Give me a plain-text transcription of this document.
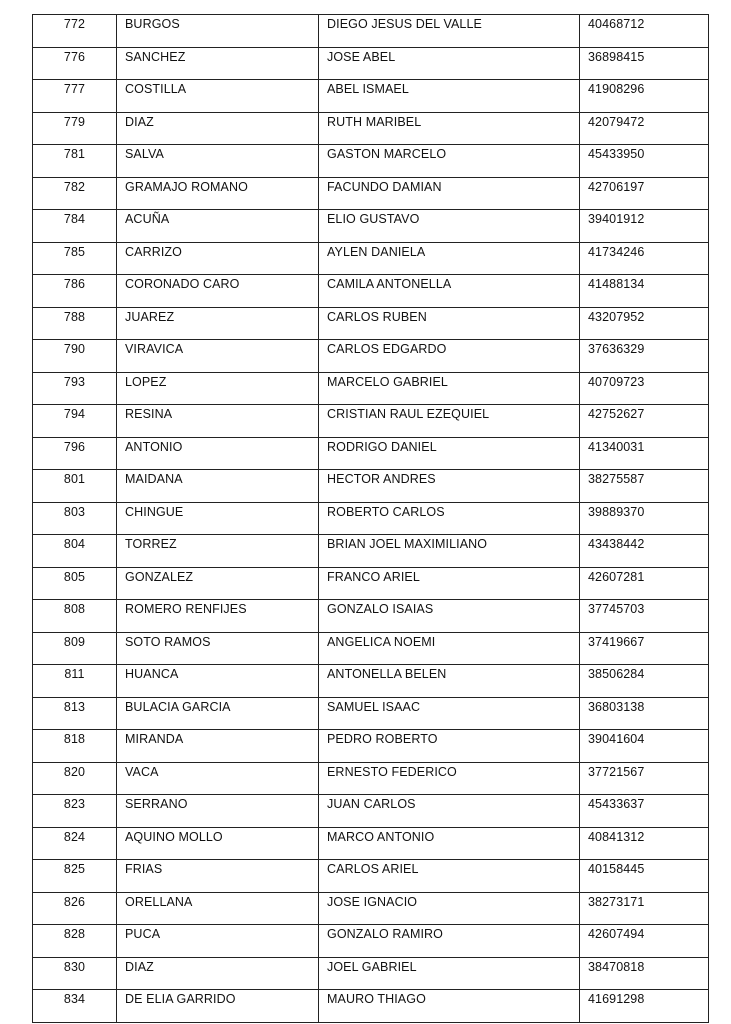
772	BURGOS	DIEGO JESUS DEL VALLE	40468712
776	SANCHEZ	JOSE ABEL	36898415
777	COSTILLA	ABEL ISMAEL	41908296
779	DIAZ	RUTH MARIBEL	42079472
781	SALVA	GASTON MARCELO	45433950
782	GRAMAJO ROMANO	FACUNDO DAMIAN	42706197
784	ACUÑA	ELIO GUSTAVO	39401912
785	CARRIZO	AYLEN DANIELA	41734246
786	CORONADO CARO	CAMILA ANTONELLA	41488134
788	JUAREZ	CARLOS RUBEN	43207952
790	VIRAVICA	CARLOS EDGARDO	37636329
793	LOPEZ	MARCELO GABRIEL	40709723
794	RESINA	CRISTIAN RAUL EZEQUIEL	42752627
796	ANTONIO	RODRIGO DANIEL	41340031
801	MAIDANA	HECTOR ANDRES	38275587
803	CHINGUE	ROBERTO CARLOS	39889370
804	TORREZ	BRIAN JOEL MAXIMILIANO	43438442
805	GONZALEZ	FRANCO ARIEL	42607281
808	ROMERO RENFIJES	GONZALO ISAIAS	37745703
809	SOTO RAMOS	ANGELICA NOEMI	37419667
811	HUANCA	ANTONELLA BELEN	38506284
813	BULACIA GARCIA	SAMUEL ISAAC	36803138
818	MIRANDA	PEDRO ROBERTO	39041604
820	VACA	ERNESTO FEDERICO	37721567
823	SERRANO	JUAN CARLOS	45433637
824	AQUINO MOLLO	MARCO ANTONIO	40841312
825	FRIAS	CARLOS ARIEL	40158445
826	ORELLANA	JOSE IGNACIO	38273171
828	PUCA	GONZALO RAMIRO	42607494
830	DIAZ	JOEL GABRIEL	38470818
834	DE ELIA GARRIDO	MAURO THIAGO	41691298
